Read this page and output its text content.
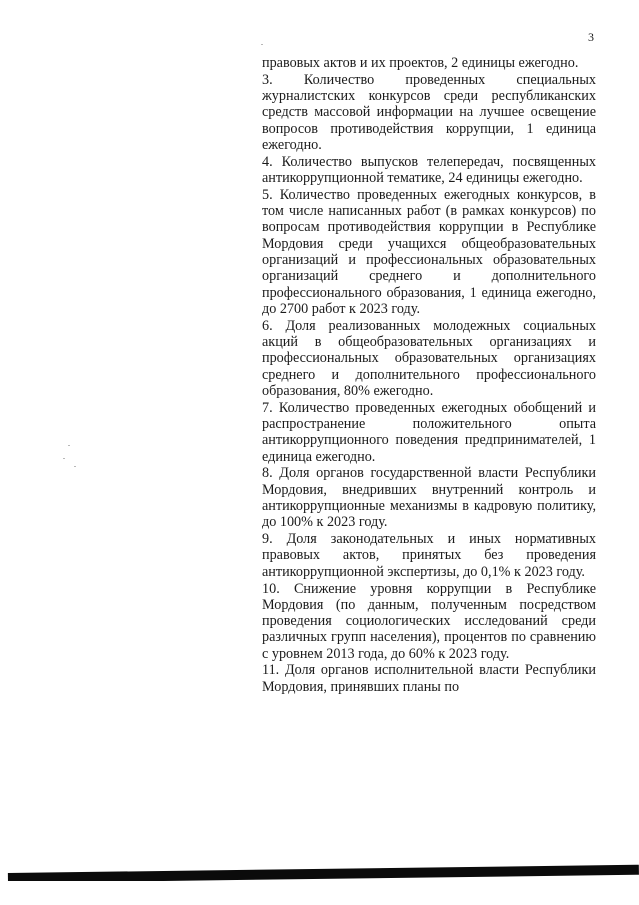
3

правовых актов и их проектов, 2 единицы ежегодно.

3. Количество проведенных специальных журналистских конкурсов среди республиканских средств массовой информации на лучшее освещение вопросов противодействия коррупции, 1 единица ежегодно.

4. Количество выпусков телепередач, посвященных антикоррупционной тематике, 24 единицы ежегодно.

5. Количество проведенных ежегодных конкурсов, в том числе написанных работ (в рамках конкурсов) по вопросам противодействия коррупции в Республике Мордовия среди учащихся общеобразовательных организаций и профессиональных образовательных организаций среднего и дополнительного профессионального образования, 1 единица ежегодно, до 2700 работ к 2023 году.

6. Доля реализованных молодежных социальных акций в общеобразовательных организациях и профессиональных образовательных организациях среднего и дополнительного профессионального образования, 80% ежегодно.

7. Количество проведенных ежегодных обобщений и распространение положительного опыта антикоррупционного поведения предпринимателей, 1 единица ежегодно.

8. Доля органов государственной власти Республики Мордовия, внедривших внутренний контроль и антикоррупционные механизмы в кадровую политику, до 100% к 2023 году.

9. Доля законодательных и иных нормативных правовых актов, принятых без проведения антикоррупционной экспертизы, до 0,1% к 2023 году.

10. Снижение уровня коррупции в Республике Мордовия (по данным, полученным посредством проведения социологических исследований среди различных групп населения), процентов по сравнению с уровнем 2013 года, до 60% к 2023 году.

11. Доля органов исполнительной власти Республики Мордовия, принявших планы по
